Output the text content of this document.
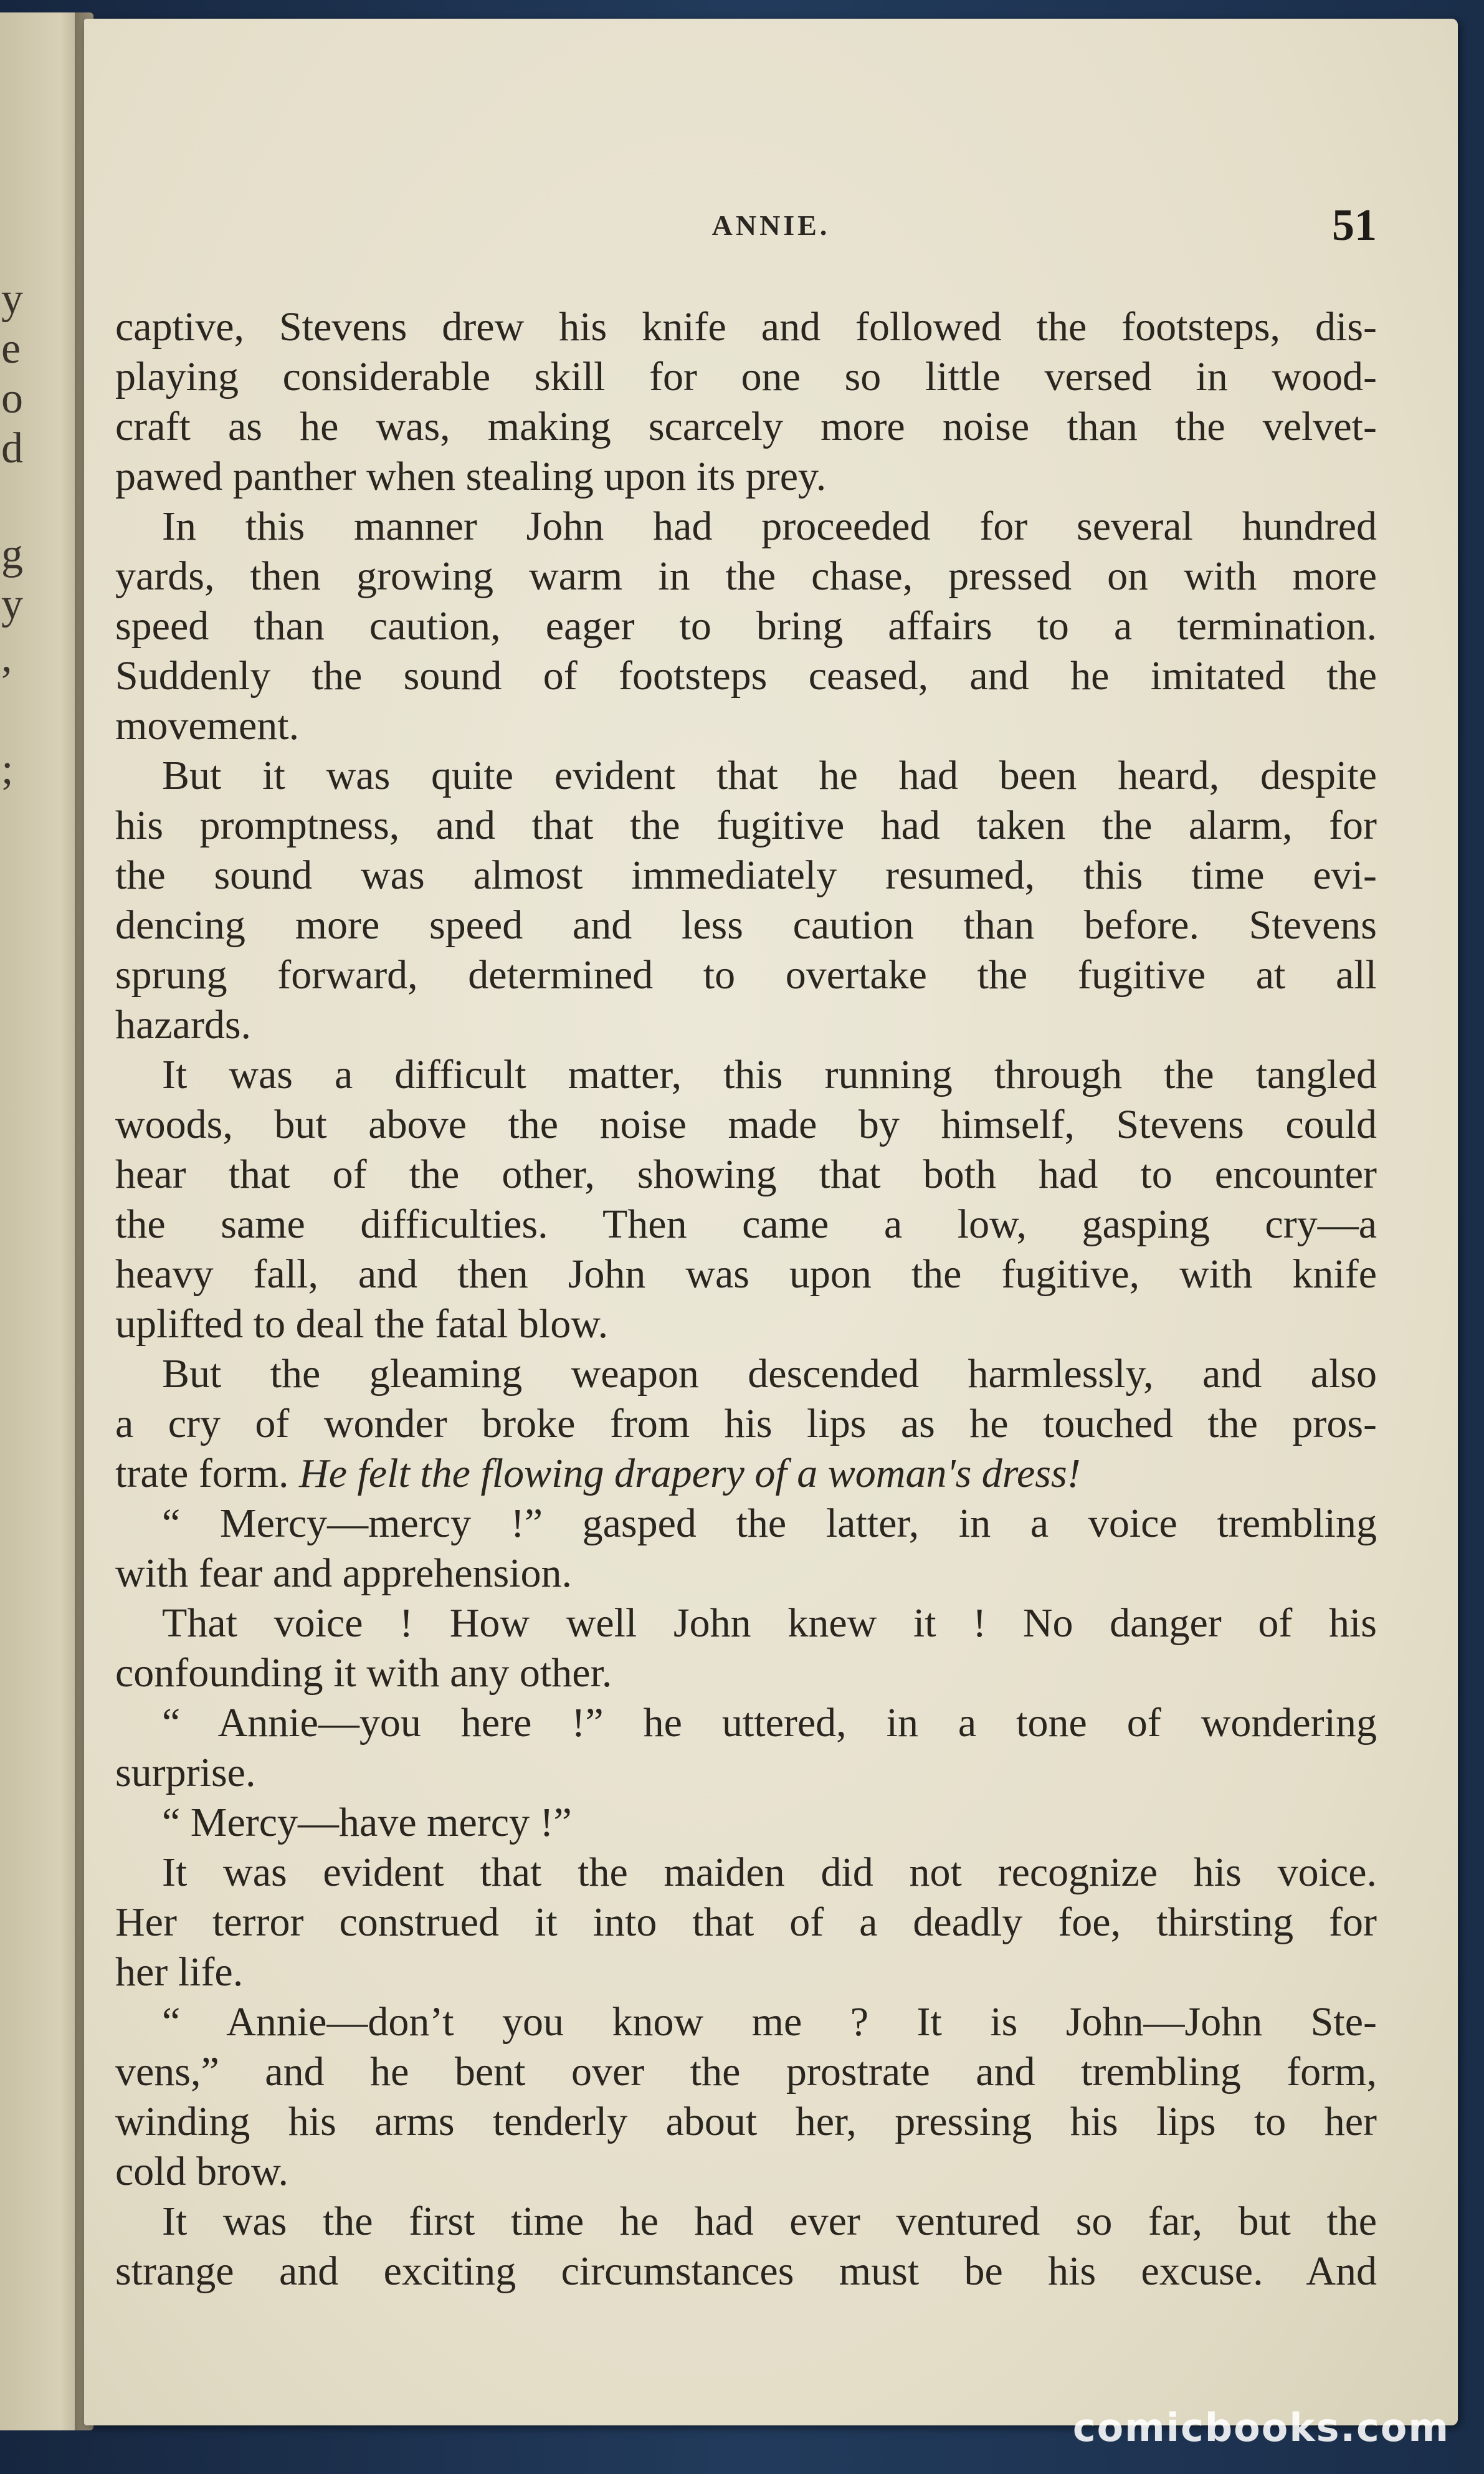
y
e
o
d
g
y
,
;
ANNIE.	51
captive, Stevens drew his knife and followed the footsteps, dis-
playing considerable skill for one so little versed in wood-
craft as he was, making scarcely more noise than the velvet-
pawed panther when stealing upon its prey.
In this manner John had proceeded for several hundred
yards, then growing warm in the chase, pressed on with more
speed than caution, eager to bring affairs to a termination.
Suddenly the sound of footsteps ceased, and he imitated the
movement.
But it was quite evident that he had been heard, despite
his promptness, and that the fugitive had taken the alarm, for
the sound was almost immediately resumed, this time evi-
dencing more speed and less caution than before. Stevens
sprung forward, determined to overtake the fugitive at all
hazards.
It was a difficult matter, this running through the tangled
woods, but above the noise made by himself, Stevens could
hear that of the other, showing that both had to encounter
the same difficulties. Then came a low, gasping cry—a
heavy fall, and then John was upon the fugitive, with knife
uplifted to deal the fatal blow.
But the gleaming weapon descended harmlessly, and also
a cry of wonder broke from his lips as he touched the pros-
trate form. He felt the flowing drapery of a woman's dress!
“ Mercy—mercy !” gasped the latter, in a voice trembling
with fear and apprehension.
That voice ! How well John knew it ! No danger of his
confounding it with any other.
“ Annie—you here !” he uttered, in a tone of wondering
surprise.
“ Mercy—have mercy !”
It was evident that the maiden did not recognize his voice.
Her terror construed it into that of a deadly foe, thirsting for
her life.
“ Annie—don’t you know me ? It is John—John Ste-
vens,” and he bent over the prostrate and trembling form,
winding his arms tenderly about her, pressing his lips to her
cold brow.
It was the first time he had ever ventured so far, but the
strange and exciting circumstances must be his excuse. And
comicbooks.com
